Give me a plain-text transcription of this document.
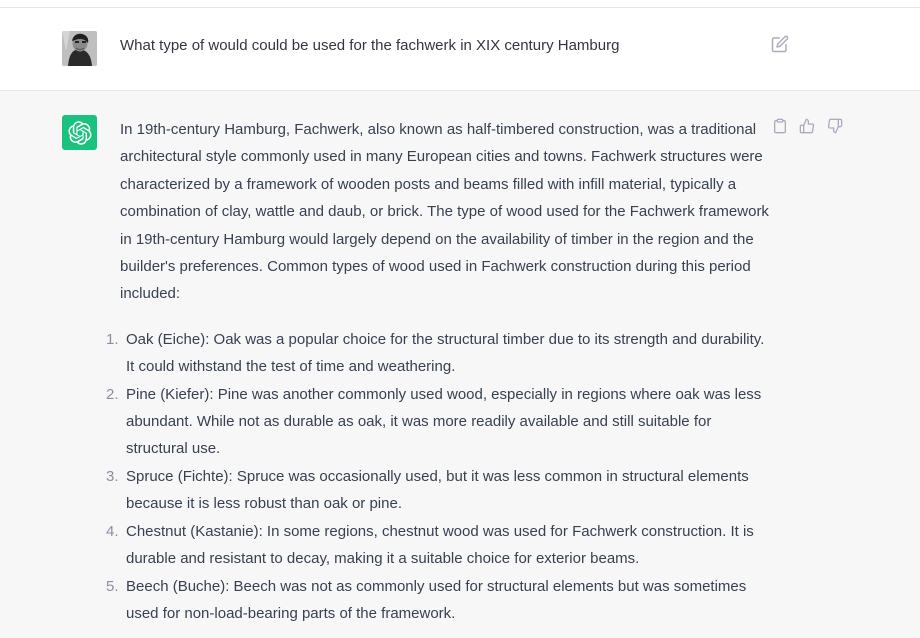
What type of would could be used for the fachwerk in XIX century Hamburg

In 19th-century Hamburg, Fachwerk, also known as half-timbered construction, was a traditional architectural style commonly used in many European cities and towns. Fachwerk structures were characterized by a framework of wooden posts and beams filled with infill material, typically a combination of clay, wattle and daub, or brick. The type of wood used for the Fachwerk framework in 19th-century Hamburg would largely depend on the availability of timber in the region and the builder's preferences. Common types of wood used in Fachwerk construction during this period included:

1. Oak (Eiche): Oak was a popular choice for the structural timber due to its strength and durability. It could withstand the test of time and weathering.
2. Pine (Kiefer): Pine was another commonly used wood, especially in regions where oak was less abundant. While not as durable as oak, it was more readily available and still suitable for structural use.
3. Spruce (Fichte): Spruce was occasionally used, but it was less common in structural elements because it is less robust than oak or pine.
4. Chestnut (Kastanie): In some regions, chestnut wood was used for Fachwerk construction. It is durable and resistant to decay, making it a suitable choice for exterior beams.
5. Beech (Buche): Beech was not as commonly used for structural elements but was sometimes used for non-load-bearing parts of the framework.
